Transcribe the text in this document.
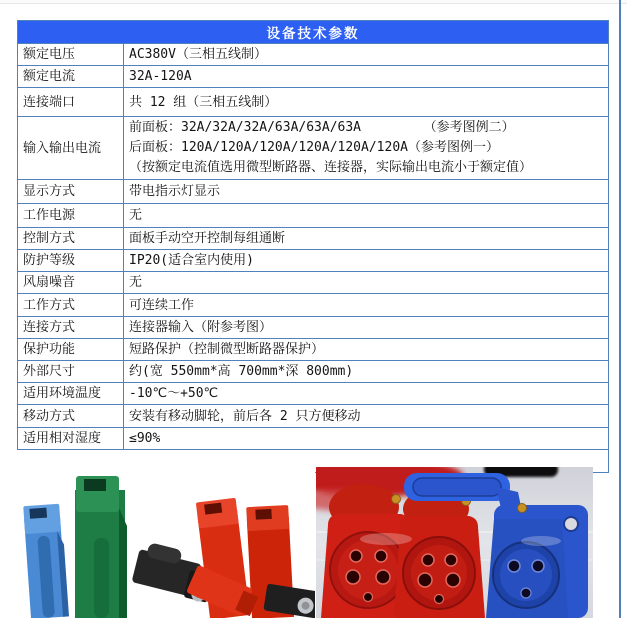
设备技术参数	
额定电压	AC380V（三相五线制）
额定电流	32A-120A
连接端口	共 12 组（三相五线制）
输入输出电流	前面板：32A/32A/32A/63A/63A/63A        （参考图例二）
后面板：120A/120A/120A/120A/120A/120A（参考图例一）
（按额定电流值选用微型断路器、连接器，实际输出电流小于额定值）

显示方式	带电指示灯显示
工作电源	无
控制方式	面板手动空开控制每组通断
防护等级	IP20(适合室内使用)
风扇噪音	无
工作方式	可连续工作
连接方式	连接器输入（附参考图）
保护功能	短路保护（控制微型断路器保护）
外部尺寸	约(宽 550mm*高 700mm*深 800mm)
适用环境温度	-10℃～+50℃
移动方式	安装有移动脚轮，前后各 2 只方便移动
适用相对湿度	≤90%
